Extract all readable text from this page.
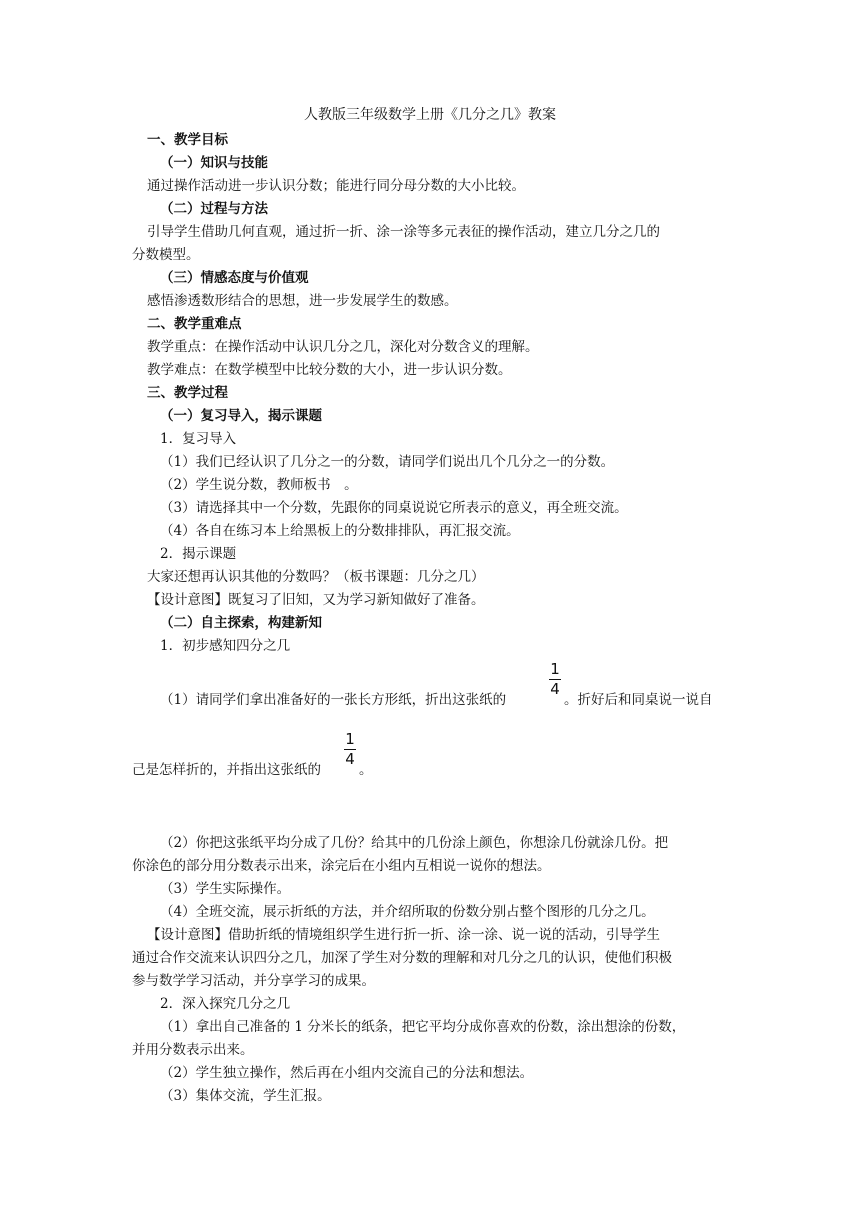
人教版三年级数学上册《几分之几》教案
一、教学目标
（一）知识与技能
通过操作活动进一步认识分数；能进行同分母分数的大小比较。
（二）过程与方法
引导学生借助几何直观，通过折一折、涂一涂等多元表征的操作活动，建立几分之几的
分数模型。
（三）情感态度与价值观
感悟渗透数形结合的思想，进一步发展学生的数感。
二、教学重难点
教学重点：在操作活动中认识几分之几，深化对分数含义的理解。
教学难点：在数学模型中比较分数的大小，进一步认识分数。
三、教学过程
（一）复习导入，揭示课题
1．复习导入
（1）我们已经认识了几分之一的分数，请同学们说出几个几分之一的分数。
（2）学生说分数，教师板书　。
（3）请选择其中一个分数，先跟你的同桌说说它所表示的意义，再全班交流。
（4）各自在练习本上给黑板上的分数排排队，再汇报交流。
2．揭示课题
大家还想再认识其他的分数吗？（板书课题：几分之几）
【设计意图】既复习了旧知，又为学习新知做好了准备。
（二）自主探索，构建新知
1．初步感知四分之几
（1）请同学们拿出准备好的一张长方形纸，折出这张纸的
1
4
。折好后和同桌说一说自
己是怎样折的，并指出这张纸的
1
4
。
（2）你把这张纸平均分成了几份？给其中的几份涂上颜色，你想涂几份就涂几份。把
你涂色的部分用分数表示出来，涂完后在小组内互相说一说你的想法。
（3）学生实际操作。
（4）全班交流，展示折纸的方法，并介绍所取的份数分别占整个图形的几分之几。
【设计意图】借助折纸的情境组织学生进行折一折、涂一涂、说一说的活动，引导学生
通过合作交流来认识四分之几，加深了学生对分数的理解和对几分之几的认识，使他们积极
参与数学学习活动，并分享学习的成果。
2．深入探究几分之几
（1）拿出自己准备的 1 分米长的纸条，把它平均分成你喜欢的份数，涂出想涂的份数，
并用分数表示出来。
（2）学生独立操作，然后再在小组内交流自己的分法和想法。
（3）集体交流，学生汇报。
